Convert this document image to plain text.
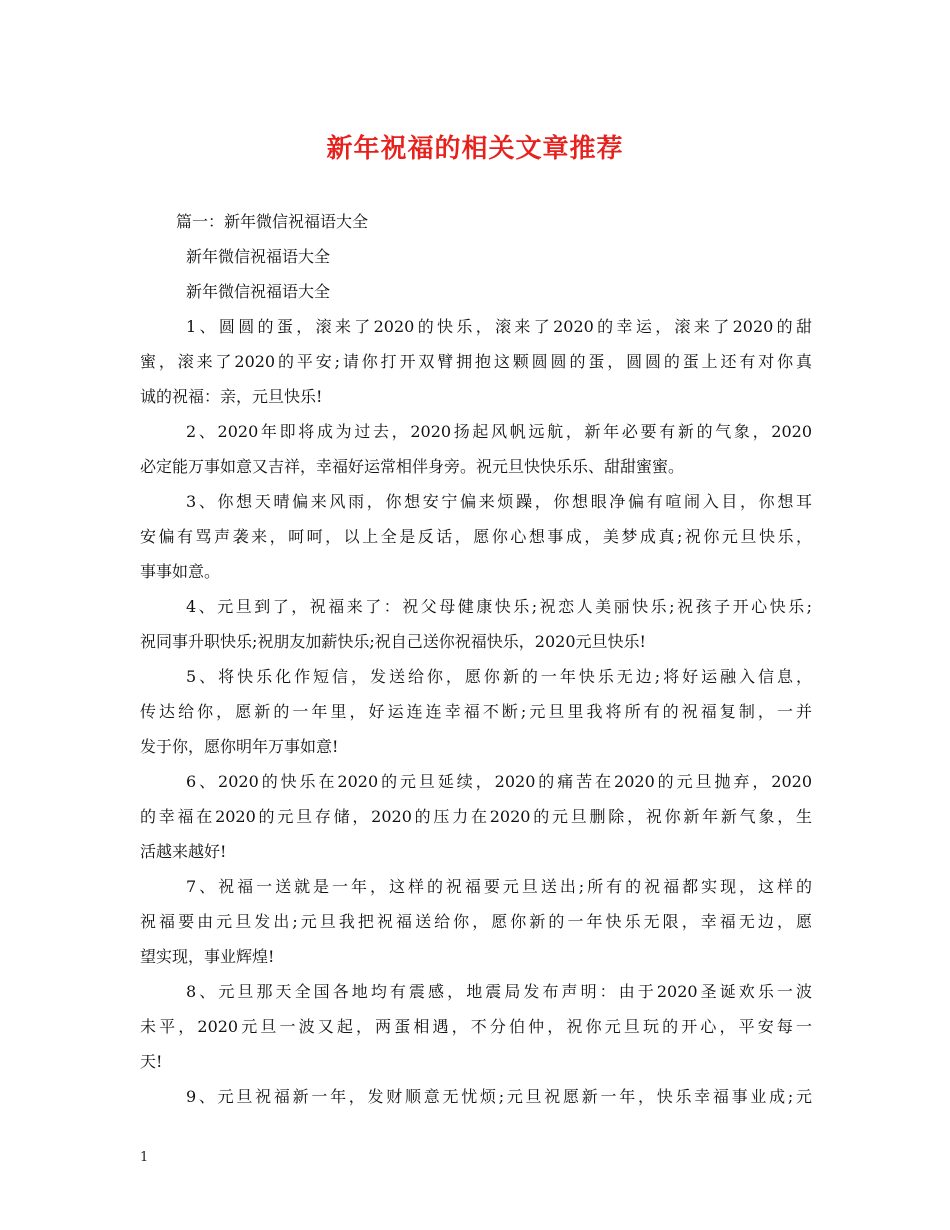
新年祝福的相关文章推荐
篇一：新年微信祝福语大全
新年微信祝福语大全
新年微信祝福语大全
1、圆圆的蛋，滚来了2020的快乐，滚来了2020的幸运，滚来了2020的甜
蜜，滚来了2020的平安;请你打开双臂拥抱这颗圆圆的蛋，圆圆的蛋上还有对你真
诚的祝福：亲，元旦快乐!
2、2020年即将成为过去，2020扬起风帆远航，新年必要有新的气象，2020
必定能万事如意又吉祥，幸福好运常相伴身旁。祝元旦快快乐乐、甜甜蜜蜜。
3、你想天晴偏来风雨，你想安宁偏来烦躁，你想眼净偏有喧闹入目，你想耳
安偏有骂声袭来，呵呵，以上全是反话，愿你心想事成，美梦成真;祝你元旦快乐，
事事如意。
4、元旦到了，祝福来了：祝父母健康快乐;祝恋人美丽快乐;祝孩子开心快乐;
祝同事升职快乐;祝朋友加薪快乐;祝自己送你祝福快乐，2020元旦快乐!
5、将快乐化作短信，发送给你，愿你新的一年快乐无边;将好运融入信息，
传达给你，愿新的一年里，好运连连幸福不断;元旦里我将所有的祝福复制，一并
发于你，愿你明年万事如意!
6、2020的快乐在2020的元旦延续，2020的痛苦在2020的元旦抛弃，2020
的幸福在2020的元旦存储，2020的压力在2020的元旦删除，祝你新年新气象，生
活越来越好!
7、祝福一送就是一年，这样的祝福要元旦送出;所有的祝福都实现，这样的
祝福要由元旦发出;元旦我把祝福送给你，愿你新的一年快乐无限，幸福无边，愿
望实现，事业辉煌!
8、元旦那天全国各地均有震感，地震局发布声明：由于2020圣诞欢乐一波
未平，2020元旦一波又起，两蛋相遇，不分伯仲，祝你元旦玩的开心，平安每一
天!
9、元旦祝福新一年，发财顺意无忧烦;元旦祝愿新一年，快乐幸福事业成;元
1
